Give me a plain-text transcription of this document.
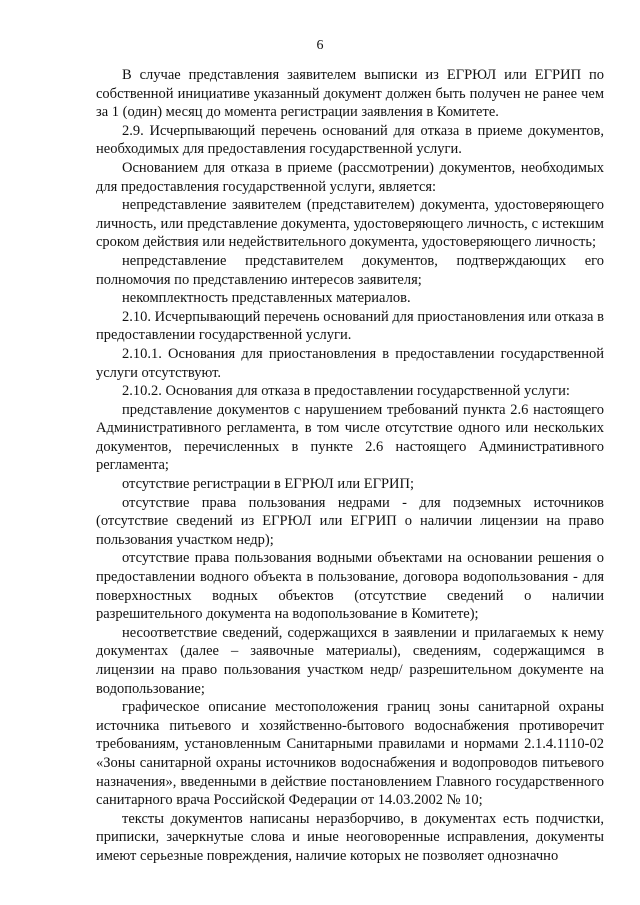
6

В случае представления заявителем выписки из ЕГРЮЛ или ЕГРИП по собственной инициативе указанный документ должен быть получен не ранее чем за 1 (один) месяц до момента регистрации заявления в Комитете.

2.9. Исчерпывающий перечень оснований для отказа в приеме документов, необходимых для предоставления государственной услуги.

Основанием для отказа в приеме (рассмотрении) документов, необходимых для предоставления государственной услуги, является:

непредставление заявителем (представителем) документа, удостоверяющего личность, или представление документа, удостоверяющего личность, с истекшим сроком действия или недействительного документа, удостоверяющего личность;

непредставление представителем документов, подтверждающих его полномочия по представлению интересов заявителя;

некомплектность представленных материалов.

2.10. Исчерпывающий перечень оснований для приостановления или отказа в предоставлении государственной услуги.

2.10.1. Основания для приостановления в предоставлении государственной услуги отсутствуют.

2.10.2. Основания для отказа в предоставлении государственной услуги:

представление документов с нарушением требований пункта 2.6 настоящего Административного регламента, в том числе отсутствие одного или нескольких документов, перечисленных в пункте 2.6 настоящего Административного регламента;

отсутствие регистрации в ЕГРЮЛ или ЕГРИП;

отсутствие права пользования недрами - для подземных источников (отсутствие сведений из ЕГРЮЛ или ЕГРИП о наличии лицензии на право пользования участком недр);

отсутствие права пользования водными объектами на основании решения о предоставлении водного объекта в пользование, договора водопользования - для поверхностных водных объектов (отсутствие сведений о наличии разрешительного документа на водопользование в Комитете);

несоответствие сведений, содержащихся в заявлении и прилагаемых к нему документах (далее – заявочные материалы), сведениям, содержащимся в лицензии на право пользования участком недр/ разрешительном документе на водопользование;

графическое описание местоположения границ зоны санитарной охраны источника питьевого и хозяйственно-бытового водоснабжения противоречит требованиям, установленным Санитарными правилами и нормами 2.1.4.1110-02 «Зоны санитарной охраны источников водоснабжения и водопроводов питьевого назначения», введенными в действие постановлением Главного государственного санитарного врача Российской Федерации от 14.03.2002 № 10;

тексты документов написаны неразборчиво, в документах есть подчистки, приписки, зачеркнутые слова и иные неоговоренные исправления, документы имеют серьезные повреждения, наличие которых не позволяет однозначно
